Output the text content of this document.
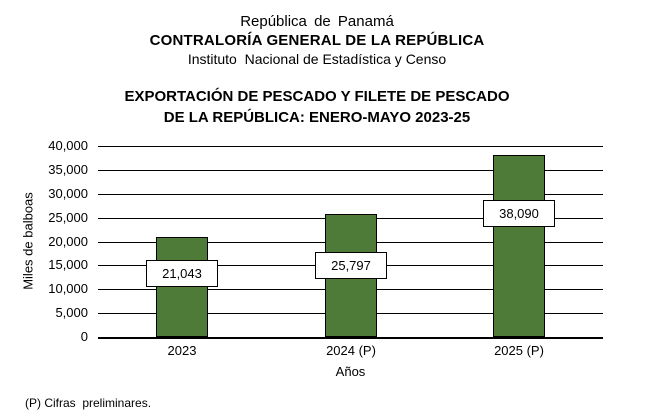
República de Panamá
CONTRALORÍA GENERAL DE LA REPÚBLICA
Instituto  Nacional de Estadística y Censo
EXPORTACIÓN DE PESCADO Y FILETE DE PESCADO
DE LA REPÚBLICA: ENERO-MAYO 2023-25
Miles de balboas
0
5,000
10,000
15,000
20,000
25,000
30,000
35,000
40,000
21,043
25,797
38,090
2023	2024 (P)	2025 (P)
Años
(P) Cifras  preliminares.
